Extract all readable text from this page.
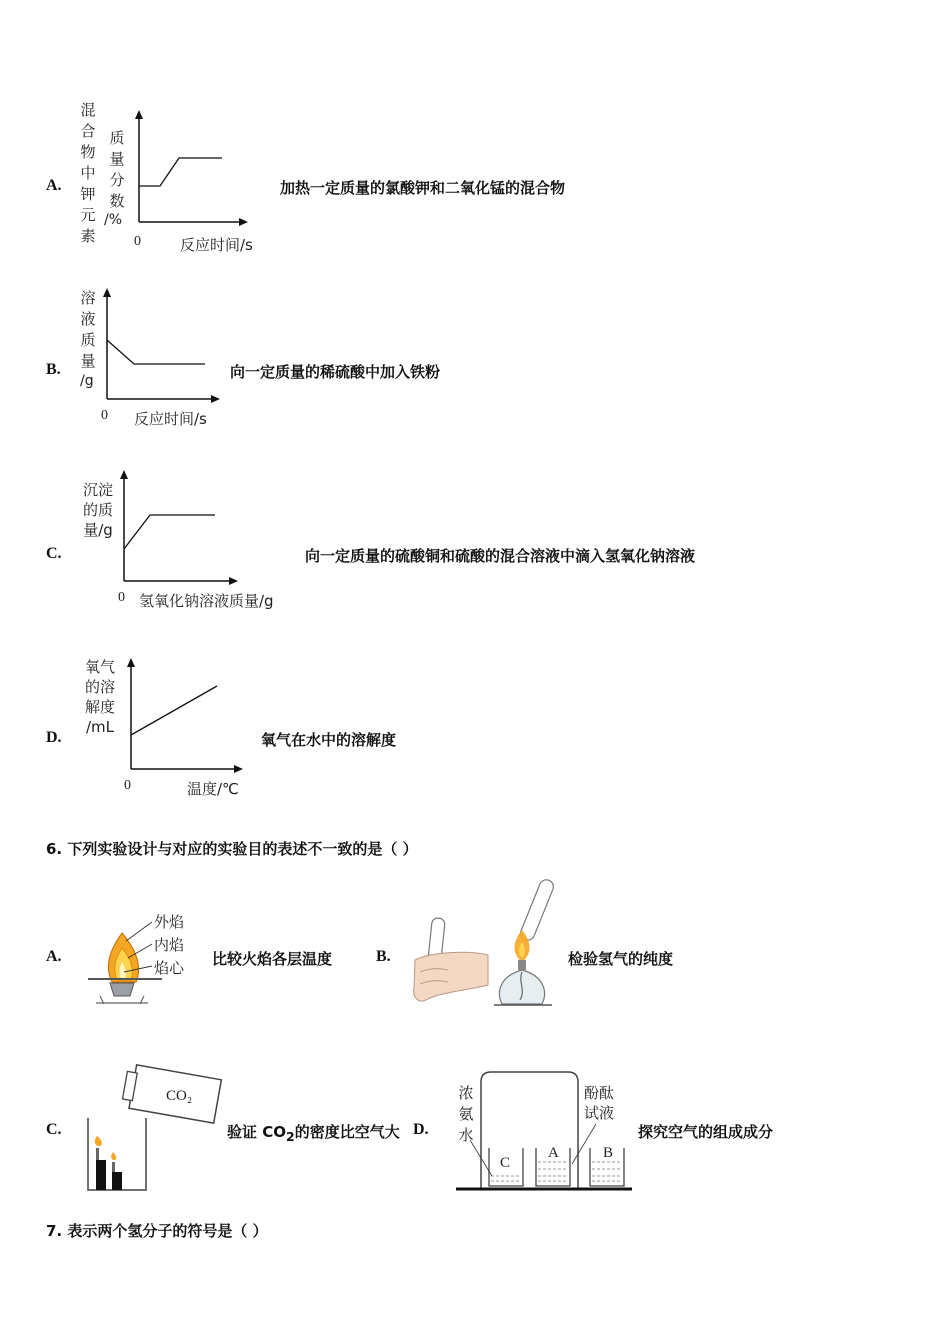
A.
混
合
物
中
钾
元
素
质
量
分
数
/%
0	反应时间/s
加热一定质量的氯酸钾和二氧化锰的混合物
B.
溶
液
质
量
/g
0 反应时间/s
向一定质量的稀硫酸中加入铁粉
C.
沉淀
的质
量/g
0 氢氧化钠溶液质量/g
向一定质量的硫酸铜和硫酸的混合溶液中滴入氢氧化钠溶液
D.
氧气
的溶
解度
/mL
0	温度/℃
氧气在水中的溶解度
6. 下列实验设计与对应的实验目的表述不一致的是（ ）
A.
外焰
内焰
焰心 比较火焰各层温度	B.	检验氢气的纯度
C.
CO₂
验证 $CO_2$的密度比空气大 D.
浓
氨
水
酚酞
试液
C
A	B
探究空气的组成成分
7. 表示两个氢分子的符号是（ ）
